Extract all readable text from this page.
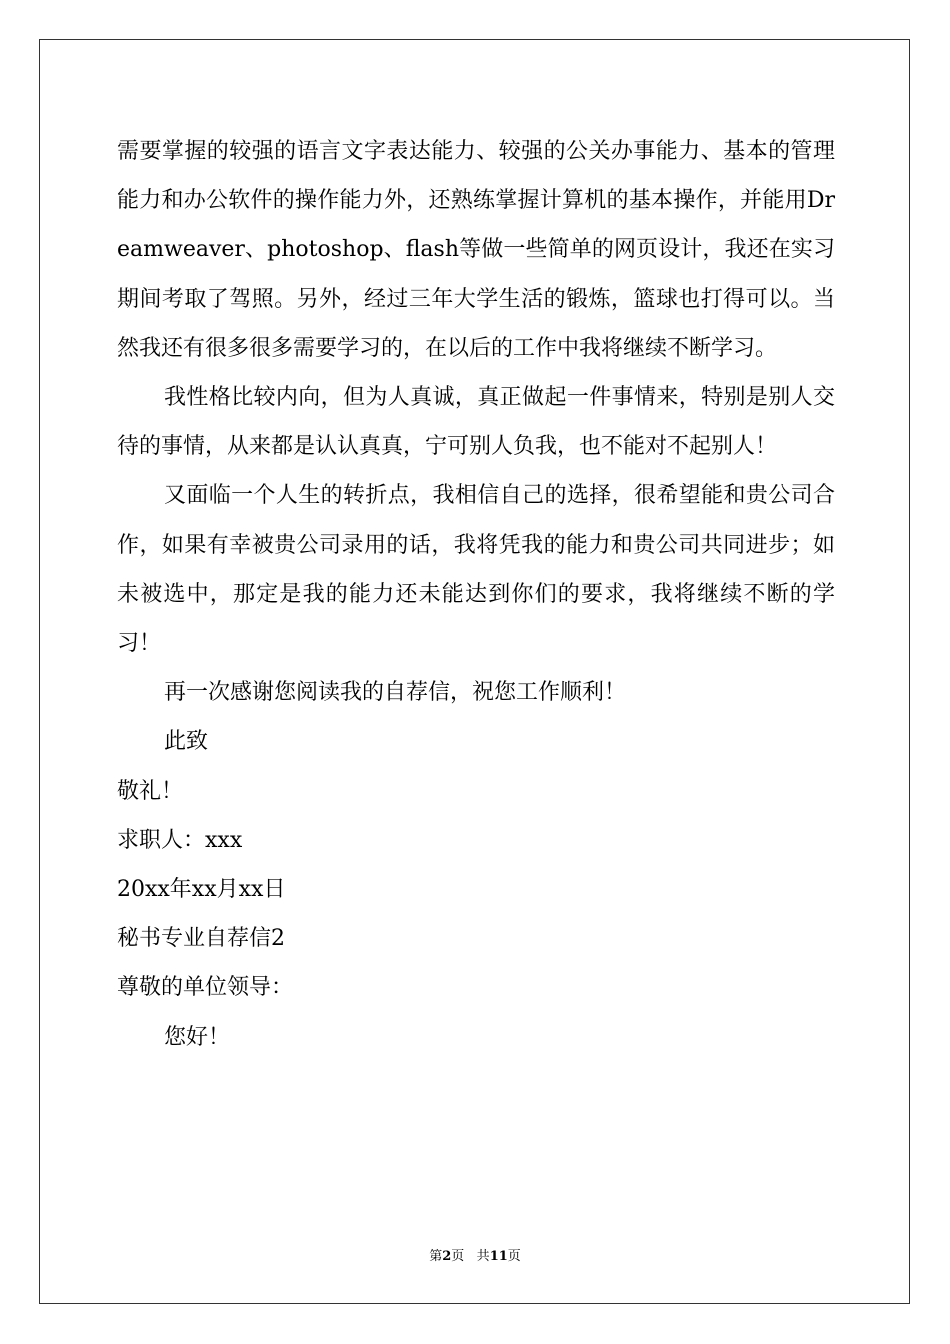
需要掌握的较强的语言文字表达能力、较强的公关办事能力、基本的管理能力和办公软件的操作能力外，还熟练掌握计算机的基本操作，并能用Dreamweaver、photoshop、flash等做一些简单的网页设计，我还在实习期间考取了驾照。另外，经过三年大学生活的锻炼，篮球也打得可以。当然我还有很多很多需要学习的，在以后的工作中我将继续不断学习。

我性格比较内向，但为人真诚，真正做起一件事情来，特别是别人交待的事情，从来都是认认真真，宁可别人负我，也不能对不起别人！

又面临一个人生的转折点，我相信自己的选择，很希望能和贵公司合作，如果有幸被贵公司录用的话，我将凭我的能力和贵公司共同进步；如未被选中，那定是我的能力还未能达到你们的要求，我将继续不断的学习！

再一次感谢您阅读我的自荐信，祝您工作顺利！

此致

敬礼！

求职人：xxx

20xx年xx月xx日

秘书专业自荐信2

尊敬的单位领导：

您好！

第2页 共11页
